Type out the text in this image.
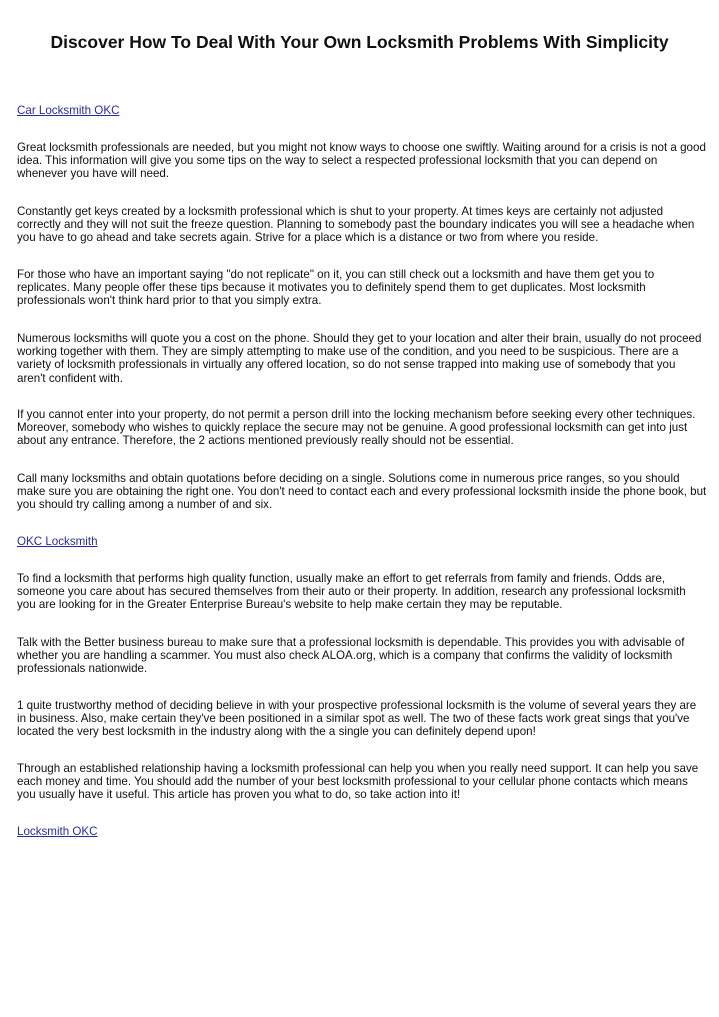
Discover How To Deal With Your Own Locksmith Problems With Simplicity

Car Locksmith OKC

Great locksmith professionals are needed, but you might not know ways to choose one swiftly. Waiting around for a crisis is not a good idea. This information will give you some tips on the way to select a respected professional locksmith that you can depend on whenever you have will need.

Constantly get keys created by a locksmith professional which is shut to your property. At times keys are certainly not adjusted correctly and they will not suit the freeze question. Planning to somebody past the boundary indicates you will see a headache when you have to go ahead and take secrets again. Strive for a place which is a distance or two from where you reside.

For those who have an important saying "do not replicate" on it, you can still check out a locksmith and have them get you to replicates. Many people offer these tips because it motivates you to definitely spend them to get duplicates. Most locksmith professionals won't think hard prior to that you simply extra.

Numerous locksmiths will quote you a cost on the phone. Should they get to your location and alter their brain, usually do not proceed working together with them. They are simply attempting to make use of the condition, and you need to be suspicious. There are a variety of locksmith professionals in virtually any offered location, so do not sense trapped into making use of somebody that you aren't confident with.

If you cannot enter into your property, do not permit a person drill into the locking mechanism before seeking every other techniques. Moreover, somebody who wishes to quickly replace the secure may not be genuine. A good professional locksmith can get into just about any entrance. Therefore, the 2 actions mentioned previously really should not be essential.

Call many locksmiths and obtain quotations before deciding on a single. Solutions come in numerous price ranges, so you should make sure you are obtaining the right one. You don't need to contact each and every professional locksmith inside the phone book, but you should try calling among a number of and six.

OKC Locksmith

To find a locksmith that performs high quality function, usually make an effort to get referrals from family and friends. Odds are, someone you care about has secured themselves from their auto or their property. In addition, research any professional locksmith you are looking for in the Greater Enterprise Bureau's website to help make certain they may be reputable.

Talk with the Better business bureau to make sure that a professional locksmith is dependable. This provides you with advisable of whether you are handling a scammer. You must also check ALOA.org, which is a company that confirms the validity of locksmith professionals nationwide.

1 quite trustworthy method of deciding believe in with your prospective professional locksmith is the volume of several years they are in business. Also, make certain they've been positioned in a similar spot as well. The two of these facts work great sings that you've located the very best locksmith in the industry along with the a single you can definitely depend upon!

Through an established relationship having a locksmith professional can help you when you really need support. It can help you save each money and time. You should add the number of your best locksmith professional to your cellular phone contacts which means you usually have it useful. This article has proven you what to do, so take action into it!

Locksmith OKC
